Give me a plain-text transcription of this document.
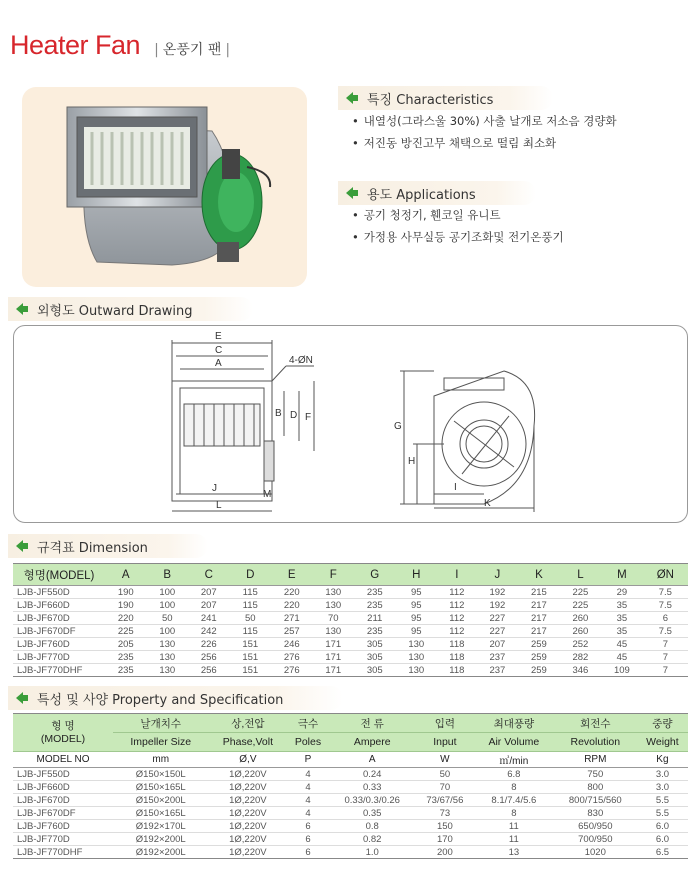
Heater Fan | 온풍기 팬 |
특징 Characteristics
• 내열성(그라스울 30%) 사출 날개로 저소음 경량화
• 저진동 방진고무 채택으로 떨림 최소화
용도 Applications
• 공기 청정기, 휀코일 유니트
• 가정용 사무실등 공기조화및 전기온풍기
외형도 Outward Drawing
E
C
A	4-ØN
B D F
J
L
M
G
H
I
K
규격표 Dimension
형명(MODEL)	A	B	C	D	E	F	G	H	I	J	K	L	M	ØN
LJB-JF550D	190	100	207	115	220	130	235	95	112	192	215	225	29	7.5
LJB-JF660D	190	100	207	115	220	130	235	95	112	192	217	225	35	7.5
LJB-JF670D	220	50	241	50	271	70	211	95	112	227	217	260	35	6
LJB-JF670DF	225	100	242	115	257	130	235	95	112	227	217	260	35	7.5
LJB-JF760D	205	130	226	151	246	171	305	130	118	207	259	252	45	7
LJB-JF770D	235	130	256	151	276	171	305	130	118	237	259	282	45	7
LJB-JF770DHF	235	130	256	151	276	171	305	130	118	237	259	346	109	7
특성 및 사양 Property and Specification
형 명
(MODEL)	날개치수	상,전압	극수	전 류	입력	최대풍량	회전수	중량
	Impeller Size	Phase,Volt	Poles	Ampere	Input	Air Volume	Revolution	Weight
MODEL NO	mm	Ø,V	P	A	W	㎥/min	RPM	Kg
LJB-JF550D	Ø150×150L	1Ø,220V	4	0.24	50	6.8	750	3.0
LJB-JF660D	Ø150×165L	1Ø,220V	4	0.33	70	8	800	3.0
LJB-JF670D	Ø150×200L	1Ø,220V	4	0.33/0.3/0.26	73/67/56	8.1/7.4/5.6	800/715/560	5.5
LJB-JF670DF	Ø150×165L	1Ø,220V	4	0.35	73	8	830	5.5
LJB-JF760D	Ø192×170L	1Ø,220V	6	0.8	150	11	650/950	6.0
LJB-JF770D	Ø192×200L	1Ø,220V	6	0.82	170	11	700/950	6.0
LJB-JF770DHF	Ø192×200L	1Ø,220V	6	1.0	200	13	1020	6.5
